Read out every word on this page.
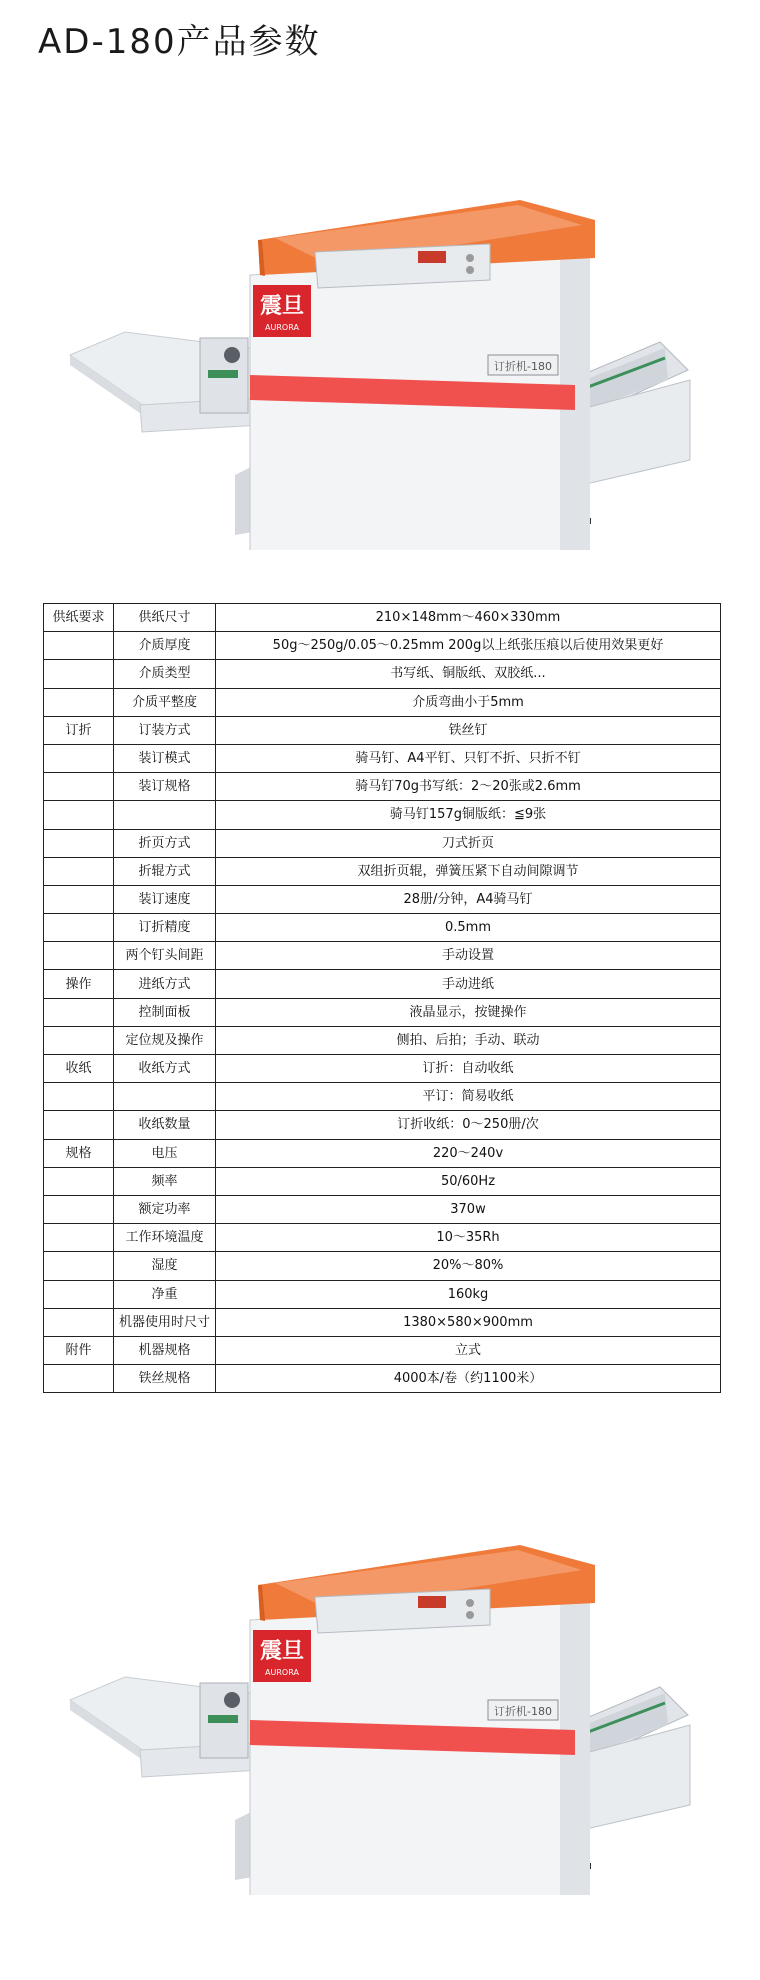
AD-180产品参数
震旦
AURORA
订折机-180
供纸要求	供纸尺寸	210×148mm～460×330mm
	介质厚度	50g～250g/0.05～0.25mm 200g以上纸张压痕以后使用效果更好
	介质类型	书写纸、铜版纸、双胶纸...
	介质平整度	介质弯曲小于5mm
订折	订装方式	铁丝钉
	装订模式	骑马钉、A4平钉、只钉不折、只折不钉
	装订规格	骑马钉70g书写纸：2～20张或2.6mm
		骑马钉157g铜版纸：≦9张
	折页方式	刀式折页
	折辊方式	双组折页辊，弹簧压紧下自动间隙调节
	装订速度	28册/分钟，A4骑马钉
	订折精度	0.5mm
	两个钉头间距	手动设置
操作	进纸方式	手动进纸
	控制面板	液晶显示，按键操作
	定位规及操作	侧拍、后拍；手动、联动
收纸	收纸方式	订折：自动收纸
		平订：简易收纸
	收纸数量	订折收纸：0～250册/次
规格	电压	220～240v
	频率	50/60Hz
	额定功率	370w
	工作环境温度	10～35Rh
	湿度	20%～80%
	净重	160kg
	机器使用时尺寸	1380×580×900mm
附件	机器规格	立式
	铁丝规格	4000本/卷（约1100米）
震旦
AURORA
订折机-180
